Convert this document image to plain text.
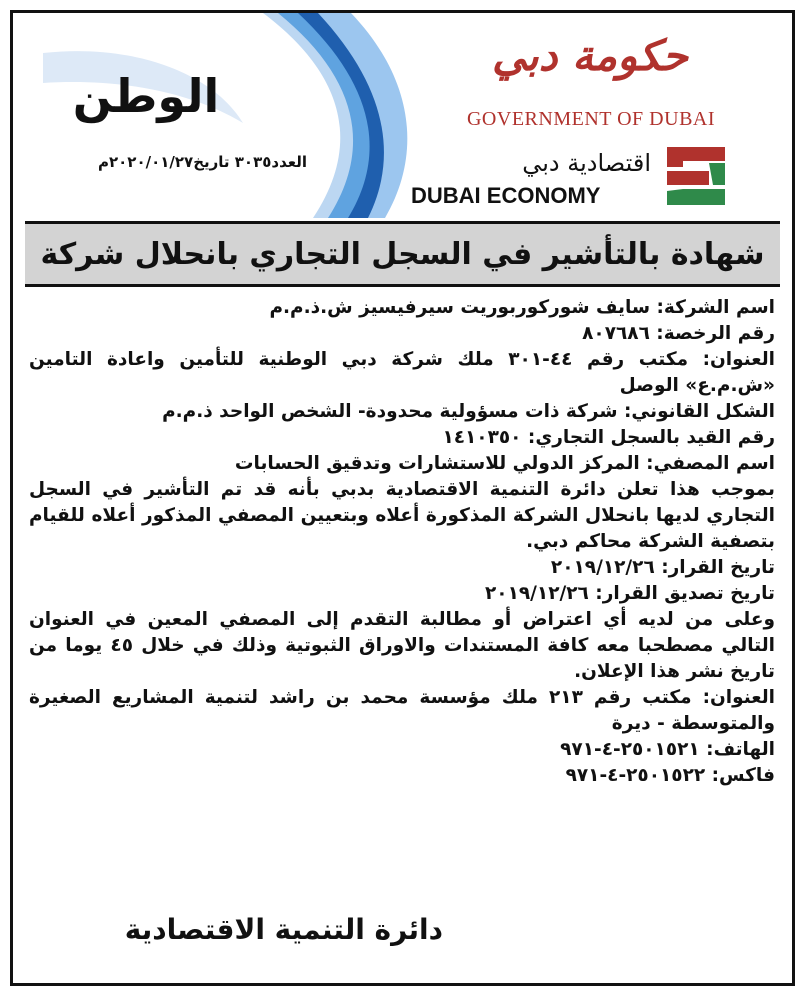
الوطن
العدد٣٠٣٥ تاريخ٢٠٢٠/٠١/٢٧م
حكومة دبي
GOVERNMENT OF DUBAI
اقتصادية دبي
DUBAI ECONOMY
شهادة بالتأشير في السجل التجاري بانحلال شركة

اسم الشركة: سايف شوركوربوريت سيرفيسيز ش.ذ.م.م

رقم الرخصة: ٨٠٧٦٨٦

العنوان: مكتب رقم ٤٤-٣٠١ ملك شركة دبي الوطنية للتأمين واعادة التامين «ش.م.ع» الوصل

الشكل القانوني: شركة ذات مسؤولية محدودة- الشخص الواحد ذ.م.م

رقم القيد بالسجل التجاري: ١٤١٠٣٥٠

اسم المصفي: المركز الدولي للاستشارات وتدقيق الحسابات

بموجب هذا تعلن دائرة التنمية الاقتصادية بدبي بأنه قد تم التأشير في السجل التجاري لديها بانحلال الشركة المذكورة أعلاه وبتعيين المصفي المذكور أعلاه للقيام بتصفية الشركة محاكم دبي.

تاريخ القرار: ٢٠١٩/١٢/٢٦

تاريخ تصديق القرار: ٢٠١٩/١٢/٢٦

وعلى من لديه أي اعتراض أو مطالبة التقدم إلى المصفي المعين في العنوان التالي مصطحبا معه كافة المستندات والاوراق الثبوتية وذلك في خلال ٤٥ يوما من تاريخ نشر هذا الإعلان.

العنوان: مكتب رقم ٢١٣ ملك مؤسسة محمد بن راشد لتنمية المشاريع الصغيرة والمتوسطة - ديرة

الهاتف: ٢٥٠١٥٢١-٤-٩٧١

فاكس: ٢٥٠١٥٢٢-٤-٩٧١

دائرة التنمية الاقتصادية
